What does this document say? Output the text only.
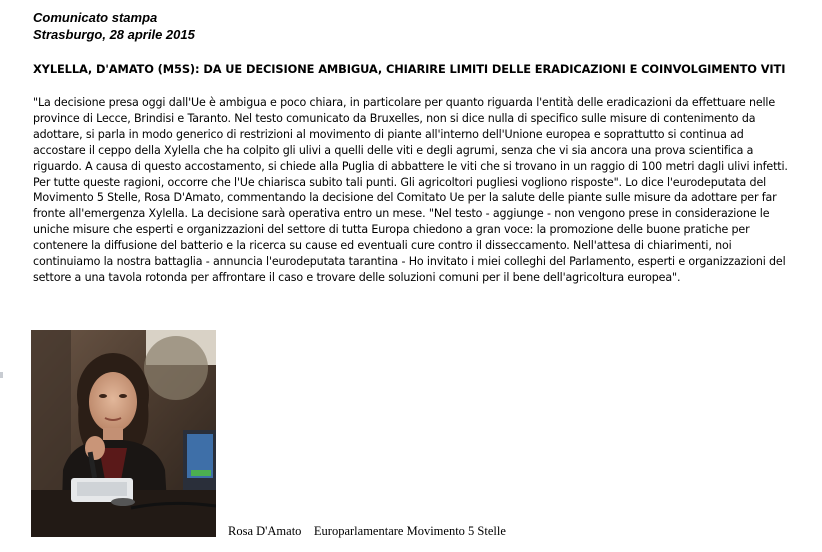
Comunicato stampa
Strasburgo, 28 aprile 2015
XYLELLA, D'AMATO (M5S): DA UE DECISIONE AMBIGUA, CHIARIRE LIMITI DELLE ERADICAZIONI E COINVOLGIMENTO VITI

"La decisione presa oggi dall'Ue è ambigua e poco chiara, in particolare per quanto riguarda l'entità delle eradicazioni da effettuare nelle province di Lecce, Brindisi e Taranto. Nel testo comunicato da Bruxelles, non si dice nulla di specifico sulle misure di contenimento da adottare, si parla in modo generico di restrizioni al movimento di piante all'interno dell'Unione europea e soprattutto si continua ad accostare il ceppo della Xylella che ha colpito gli ulivi a quelli delle viti e degli agrumi, senza che vi sia ancora una prova scientifica a riguardo. A causa di questo accostamento, si chiede alla Puglia di abbattere le viti che si trovano in un raggio di 100 metri dagli ulivi infetti. Per tutte queste ragioni, occorre che l'Ue chiarisca subito tali punti. Gli agricoltori pugliesi vogliono risposte". Lo dice l'eurodeputata del Movimento 5 Stelle, Rosa D'Amato, commentando la decisione del Comitato Ue per la salute delle piante sulle misure da adottare per far fronte all'emergenza Xylella. La decisione sarà operativa entro un mese. "Nel testo - aggiunge - non vengono prese in considerazione le uniche misure che esperti e organizzazioni del settore di tutta Europa chiedono a gran voce: la promozione delle buone pratiche per contenere la diffusione del batterio e la ricerca su cause ed eventuali cure contro il disseccamento. Nell'attesa di chiarimenti, noi continuiamo la nostra battaglia - annuncia l'eurodeputata tarantina - Ho invitato i miei colleghi del Parlamento, esperti e organizzazioni del settore a una tavola rotonda per affrontare il caso e trovare delle soluzioni comuni per il bene dell'agricoltura europea".

Rosa D'Amato    Europarlamentare Movimento 5 Stelle
